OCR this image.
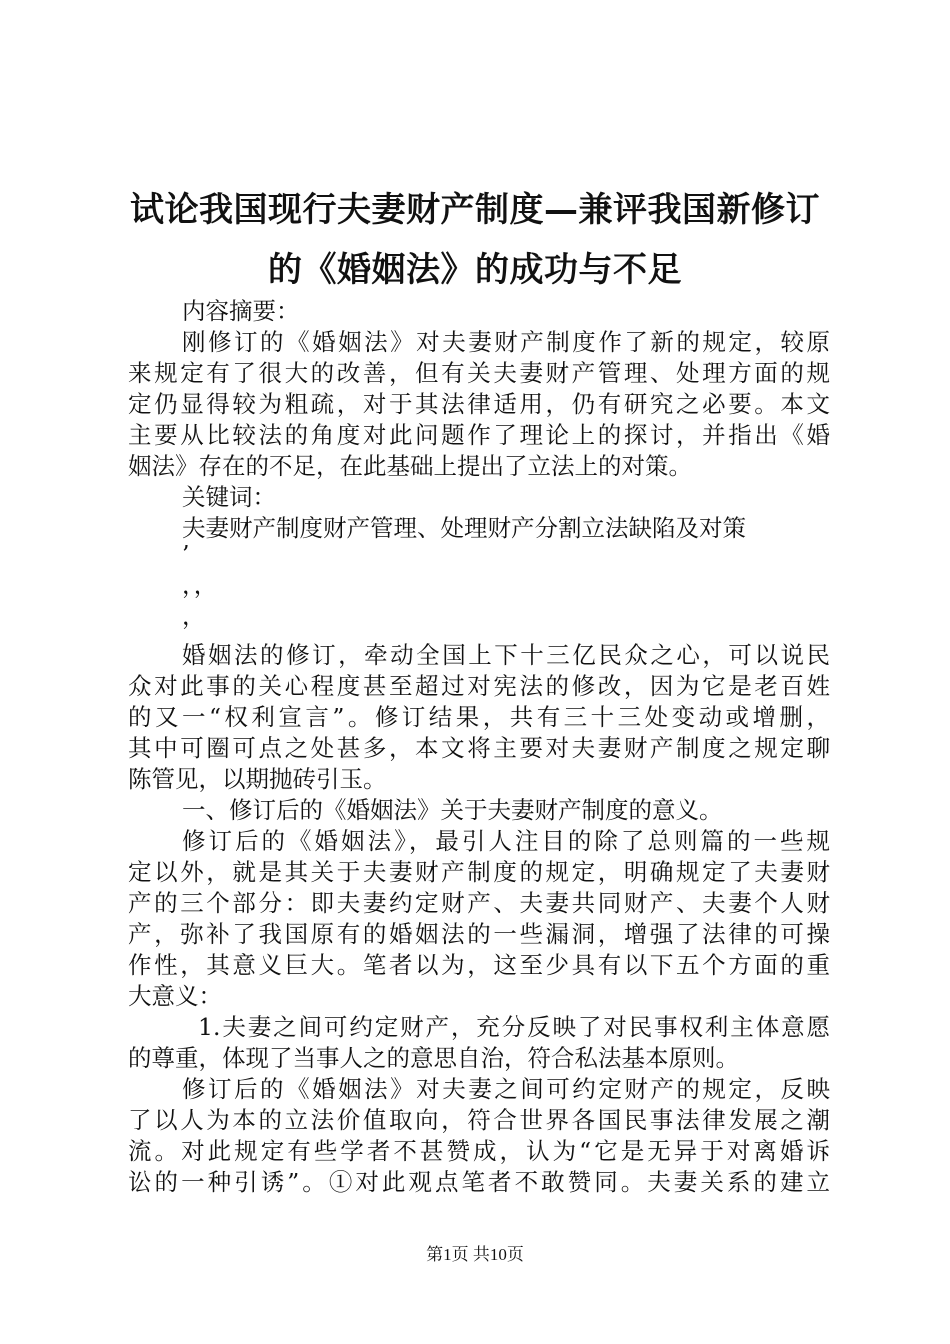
试论我国现行夫妻财产制度—兼评我国新修订
的《婚姻法》的成功与不足
内容摘要：
刚修订的《婚姻法》对夫妻财产制度作了新的规定，较原
来规定有了很大的改善，但有关夫妻财产管理、处理方面的规
定仍显得较为粗疏，对于其法律适用，仍有研究之必要。本文
主要从比较法的角度对此问题作了理论上的探讨，并指出《婚
姻法》存在的不足，在此基础上提出了立法上的对策。
关键词：
夫妻财产制度财产管理、处理财产分割立法缺陷及对策
’
，，
，
婚姻法的修订，牵动全国上下十三亿民众之心，可以说民
众对此事的关心程度甚至超过对宪法的修改，因为它是老百姓
的又一“权利宣言”。修订结果，共有三十三处变动或增删，
其中可圈可点之处甚多，本文将主要对夫妻财产制度之规定聊
陈管见，以期抛砖引玉。
一、修订后的《婚姻法》关于夫妻财产制度的意义。
修订后的《婚姻法》，最引人注目的除了总则篇的一些规
定以外，就是其关于夫妻财产制度的规定，明确规定了夫妻财
产的三个部分：即夫妻约定财产、夫妻共同财产、夫妻个人财
产，弥补了我国原有的婚姻法的一些漏洞，增强了法律的可操
作性，其意义巨大。笔者以为，这至少具有以下五个方面的重
大意义：
1.夫妻之间可约定财产，充分反映了对民事权利主体意愿
的尊重，体现了当事人之的意思自治，符合私法基本原则。
修订后的《婚姻法》对夫妻之间可约定财产的规定，反映
了以人为本的立法价值取向，符合世界各国民事法律发展之潮
流。对此规定有些学者不甚赞成，认为“它是无异于对离婚诉
讼的一种引诱”。①对此观点笔者不敢赞同。夫妻关系的建立
第1页 共10页
